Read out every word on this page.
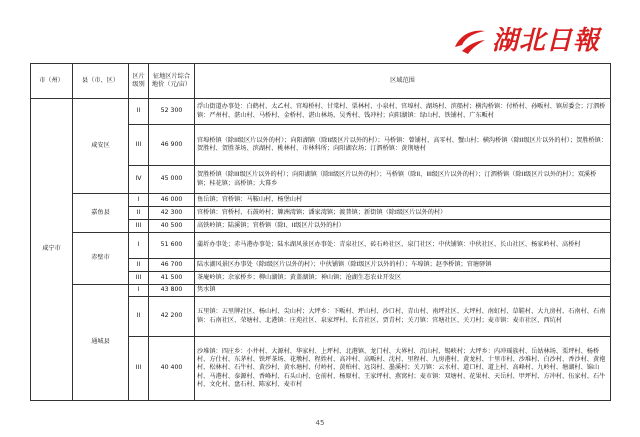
湖北日報
市（州）	县（市、区）	区片级别	征地区片综合地价（元/亩）	区域范围
咸宁市	咸安区	II	52 300	浮山街道办事处：白鹤村、太乙村、官埠桥村、甘棠村、栗林村、小泉村、官埠村、湖场村、滨船村；横沟桥镇：付桥村、孙畈村、镇居委会；汀泗桥镇：严州村、湛山村、马桥村、金桥村、湛山林场、吴秀村、钱冲村；向阳湖镇：绿山村、铁铺村、广东畈村
		III	46 900	官埠桥镇（除II级区片以外的村）；向阳湖镇（除II级区片以外的村）；马桥镇：曾铺村、高零村、蟹山村；横沟桥镇（除II级区片以外的村）；贺胜桥镇：贺胜村、贺胜茶场、滨湖村、桃林村、市林科所；向阳湖农场；汀泗桥镇：黄荆塘村
		IV	45 000	贺胜桥镇（除III级区片以外的村）；向阳湖镇（除II级区片以外的村）；马桥镇（除II、III级区片以外的村）；汀泗桥镇（除II级区片以外的村）；双溪桥镇；桂花镇；高桥镇；大幕乡
	嘉鱼县	I	46 000	鱼岳镇；官桥镇：马鞍山村、杨堡山村
		II	42 300	官桥镇：官桥村、石鼓岭村；簰洲湾镇；潘家湾镇；渡普镇；新街镇（除I级区片以外的村）
		III	40 500	高铁岭镇；陆溪镇；官桥镇（除I、II级区片以外的村）
	赤壁市	I	51 600	蒲圻办事处；赤马港办事处；陆水湖风景区办事处：青泉社区、砖石岭社区、泉门社区；中伙铺镇：中伙社区、长山社区、杨家岭村、高桥村
		II	46 700	陆水湖风景区办事处（除I级区片以外的村）；中伙铺镇（除I级区片以外的村）；车埠镇；赵李桥镇；官塘驿镇
		III	41 500	茶庵岭镇；余家桥乡；柳山湖镇；黄盖湖镇；神山镇；沧湖生态农业开发区
	通城县	I	43 800	隽水镇
		II	42 200	五里镇：五里牌社区、杨山村、尖山村；大坪乡：下畈村、坪山村、沙口村、青山村、南坪社区、大坪村、南虹村、草鞋村、大九房村、石南村、石南镇：石南社区、荣塘村、北港镇：庄苑社区、泉家坪村、长青社区、贾青村；关刀镇：官塘社区、关刀村；麦市镇：麦市社区、西坑村
		III	40 400	沙堆镇：四庄乡：小井村、大源村、华家村、上坪村、北港镇、龙门村、大界村、沉山村、锡峡村；大坪乡：内冲瑶族村、岳姑林场、栗坪村、杨桥村、方仕村、东茅村、铁坪茶场、花墩村、程姓村、高冲村、高畈村、沈村、里程村、九房港村、黄龙村、十里市村、沙堆村、白沙村、香沙村、黄袍村、松林村、石牛村、黄沙村、黄水塘村、付岭村、黄柏村、远岗村、墨溪村；关刀镇：云水村、道口村、道上村、高峰村、九岭村、塘湖村、锦山村、马港村、泰源村、香峰村、石头山村、仓前村、杨原村、王家坪村、燕窝村；麦市镇：双塘村、花果村、天岳村、甲坪村、方冲村、伍家村、石牛村、文化村、盘石村、陈家村、麦市村
45
